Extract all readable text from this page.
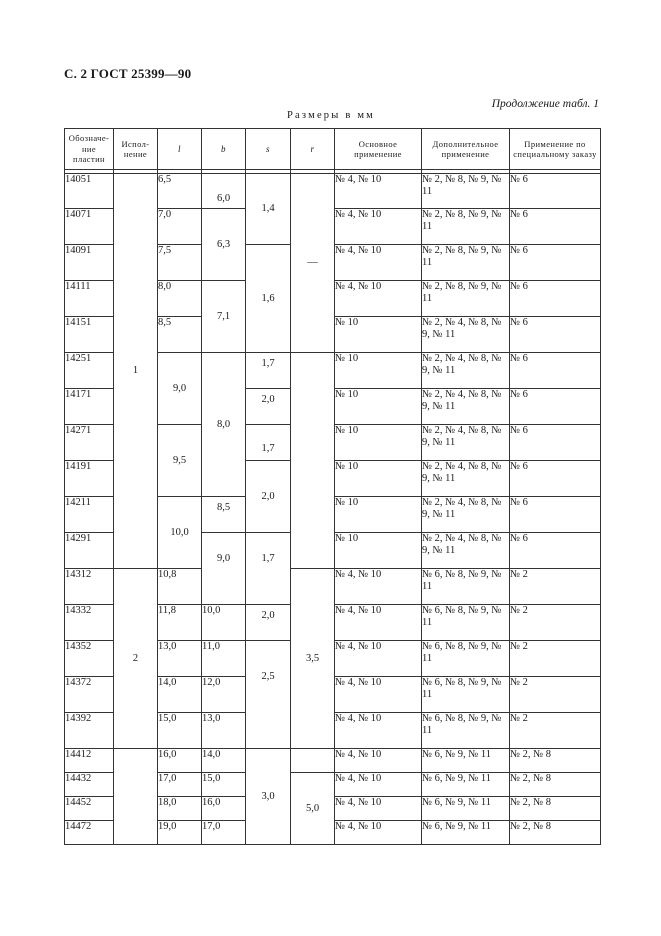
С. 2 ГОСТ 25399—90
Продолжение табл. 1
Размеры в мм
Обозначе-ние пластин	Испол-нение	l	b	s	r	Основное применение	Дополнительное применение	Применение по специальному заказу

14051	1	6,5	6,0	1,4	—	№ 4, № 10	№ 2, № 8, № 9, № 11	№ 6
14071		7,0	6,3			№ 4, № 10	№ 2, № 8, № 9, № 11	№ 6
14091		7,5		1,6		№ 4, № 10	№ 2, № 8, № 9, № 11	№ 6
14111		8,0	7,1			№ 4, № 10	№ 2, № 8, № 9, № 11	№ 6
14151		8,5				№ 10	№ 2, № 4, № 8, № 9, № 11	№ 6
14251		9,0	8,0	1,7		№ 10	№ 2, № 4, № 8, № 9, № 11	№ 6
14171				2,0		№ 10	№ 2, № 4, № 8, № 9, № 11	№ 6
14271		9,5		1,7		№ 10	№ 2, № 4, № 8, № 9, № 11	№ 6
14191				2,0		№ 10	№ 2, № 4, № 8, № 9, № 11	№ 6
14211		10,0	8,5			№ 10	№ 2, № 4, № 8, № 9, № 11	№ 6
14291			9,0	1,7		№ 10	№ 2, № 4, № 8, № 9, № 11	№ 6
14312	2	10,8			3,5	№ 4, № 10	№ 6, № 8, № 9, № 11	№ 2
14332		11,8	10,0	2,0		№ 4, № 10	№ 6, № 8, № 9, № 11	№ 2
14352		13,0	11,0	2,5		№ 4, № 10	№ 6, № 8, № 9, № 11	№ 2
14372		14,0	12,0			№ 4, № 10	№ 6, № 8, № 9, № 11	№ 2
14392		15,0	13,0			№ 4, № 10	№ 6, № 8, № 9, № 11	№ 2
14412		16,0	14,0	3,0		№ 4, № 10	№ 6, № 9, № 11	№ 2, № 8
14432		17,0	15,0		5,0	№ 4, № 10	№ 6, № 9, № 11	№ 2, № 8
14452		18,0	16,0			№ 4, № 10	№ 6, № 9, № 11	№ 2, № 8
14472		19,0	17,0			№ 4, № 10	№ 6, № 9, № 11	№ 2, № 8
